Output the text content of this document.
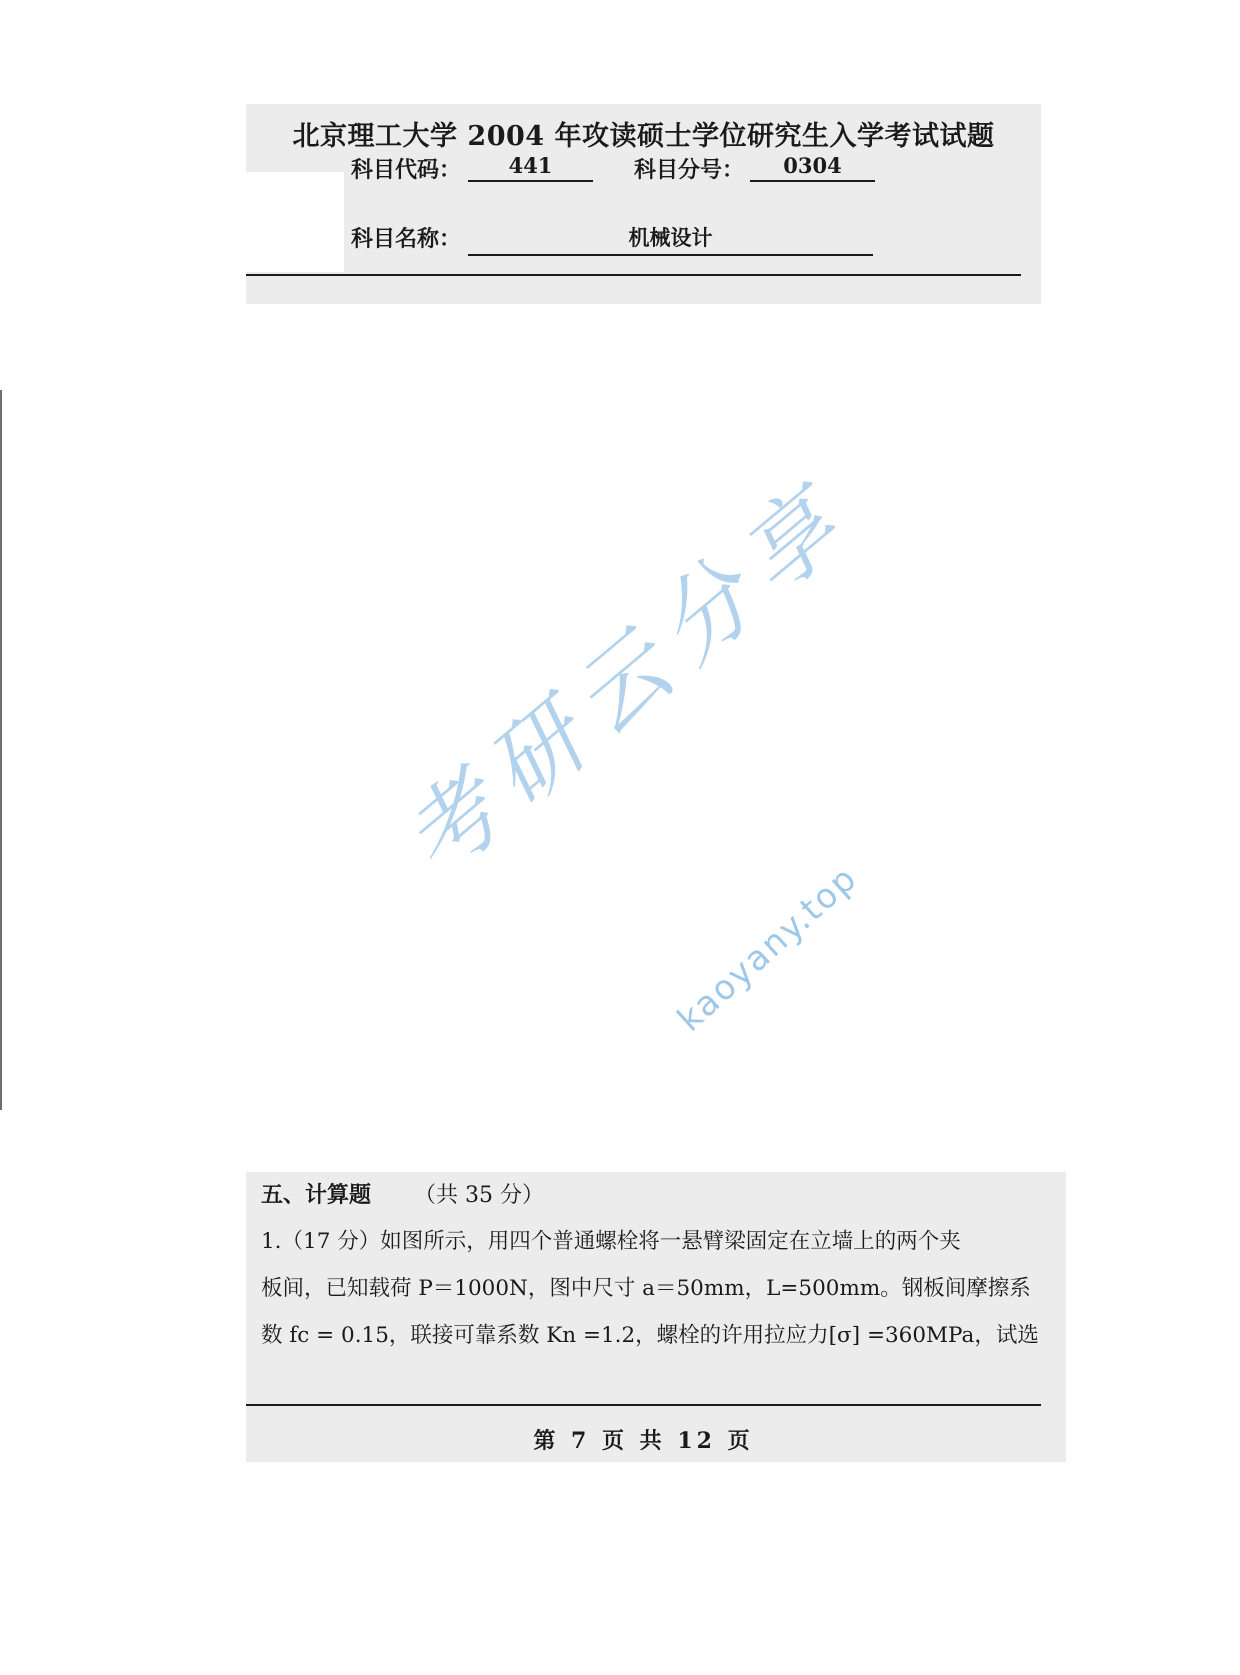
北京理工大学 2004 年攻读硕士学位研究生入学考试试题
科目代码：	441	科目分号：	0304
科目名称：	机械设计
考研云分享
kaoyany.top
五、计算题 （共 35 分）
1.（17 分）如图所示，用四个普通螺栓将一悬臂梁固定在立墙上的两个夹
板间，已知载荷 P＝1000N，图中尺寸 a＝50mm，L=500mm。钢板间摩擦系
数 fc = 0.15，联接可靠系数 Kn =1.2，螺栓的许用拉应力[σ] =360MPa，试选
第 7 页 共 12 页
